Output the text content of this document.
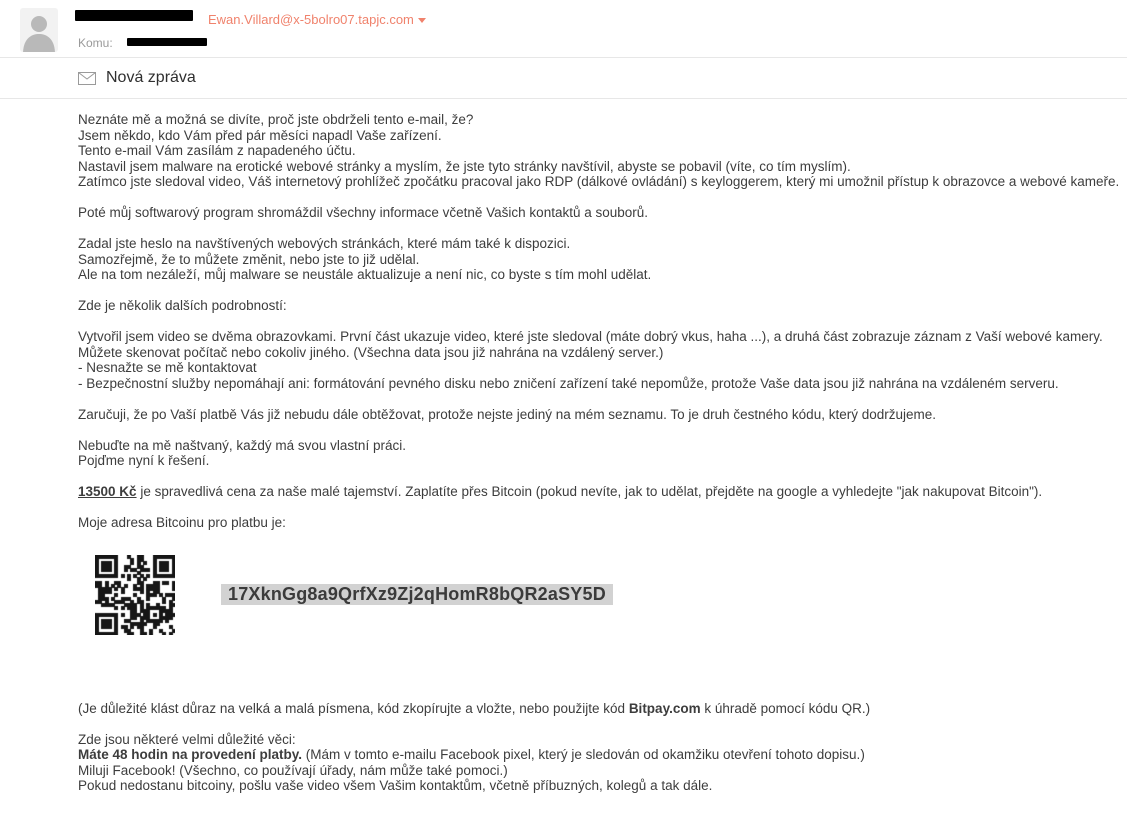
Ewan.Villard@x-5bolro07.tapjc.com
Komu:
Nová zpráva
Neznáte mě a možná se divíte, proč jste obdrželi tento e-mail, že?
Jsem někdo, kdo Vám před pár měsíci napadl Vaše zařízení.
Tento e-mail Vám zasílám z napadeného účtu.
Nastavil jsem malware na erotické webové stránky a myslím, že jste tyto stránky navštívil, abyste se pobavil (víte, co tím myslím).
Zatímco jste sledoval video, Váš internetový prohlížeč zpočátku pracoval jako RDP (dálkové ovládání) s keyloggerem, který mi umožnil přístup k obrazovce a webové kameře.

Poté můj softwarový program shromáždil všechny informace včetně Vašich kontaktů a souborů.

Zadal jste heslo na navštívených webových stránkách, které mám také k dispozici.
Samozřejmě, že to můžete změnit, nebo jste to již udělal.
Ale na tom nezáleží, můj malware se neustále aktualizuje a není nic, co byste s tím mohl udělat.

Zde je několik dalších podrobností:

Vytvořil jsem video se dvěma obrazovkami. První část ukazuje video, které jste sledoval (máte dobrý vkus, haha ...), a druhá část zobrazuje záznam z Vaší webové kamery.
Můžete skenovat počítač nebo cokoliv jiného. (Všechna data jsou již nahrána na vzdálený server.)
- Nesnažte se mě kontaktovat
- Bezpečnostní služby nepomáhají ani: formátování pevného disku nebo zničení zařízení také nepomůže, protože Vaše data jsou již nahrána na vzdáleném serveru.

Zaručuji, že po Vaší platbě Vás již nebudu dále obtěžovat, protože nejste jediný na mém seznamu. To je druh čestného kódu, který dodržujeme.

Nebuďte na mě naštvaný, každý má svou vlastní práci.
Pojďme nyní k řešení.

13500 Kč je spravedlivá cena za naše malé tajemství. Zaplatíte přes Bitcoin (pokud nevíte, jak to udělat, přejděte na google a vyhledejte "jak nakupovat Bitcoin").

Moje adresa Bitcoinu pro platbu je:
17XknGg8a9QrfXz9Zj2qHomR8bQR2aSY5D
(Je důležité klást důraz na velká a malá písmena, kód zkopírujte a vložte, nebo použijte kód Bitpay.com k úhradě pomocí kódu QR.)

Zde jsou některé velmi důležité věci:
Máte 48 hodin na provedení platby. (Mám v tomto e-mailu Facebook pixel, který je sledován od okamžiku otevření tohoto dopisu.)
Miluji Facebook! (Všechno, co používají úřady, nám může také pomoci.)
Pokud nedostanu bitcoiny, pošlu vaše video všem Vašim kontaktům, včetně příbuzných, kolegů a tak dále.
